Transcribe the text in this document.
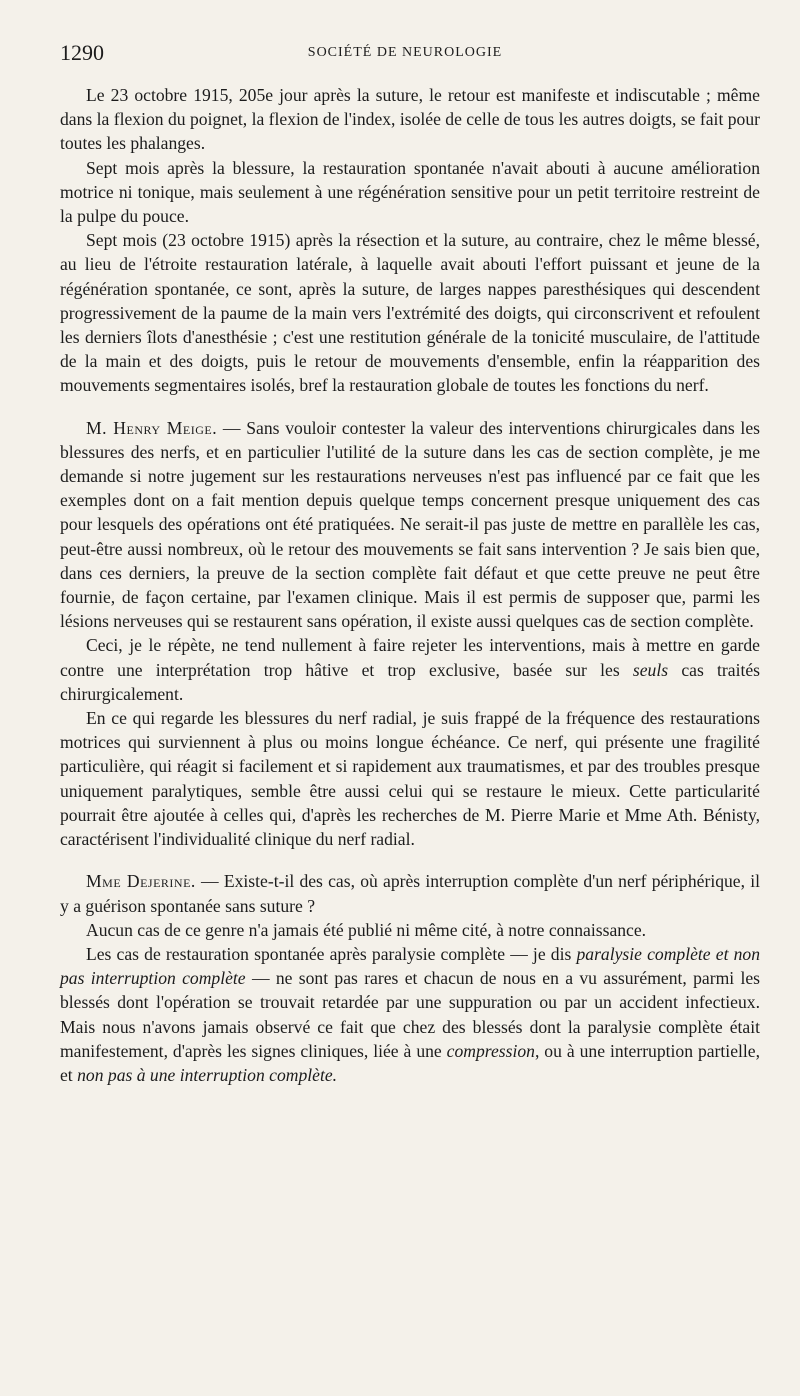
1290	SOCIÉTÉ DE NEUROLOGIE

Le 23 octobre 1915, 205e jour après la suture, le retour est manifeste et indiscutable ; même dans la flexion du poignet, la flexion de l'index, isolée de celle de tous les autres doigts, se fait pour toutes les phalanges.

Sept mois après la blessure, la restauration spontanée n'avait abouti à aucune amélioration motrice ni tonique, mais seulement à une régénération sensitive pour un petit territoire restreint de la pulpe du pouce.

Sept mois (23 octobre 1915) après la résection et la suture, au contraire, chez le même blessé, au lieu de l'étroite restauration latérale, à laquelle avait abouti l'effort puissant et jeune de la régénération spontanée, ce sont, après la suture, de larges nappes paresthésiques qui descendent progressivement de la paume de la main vers l'extrémité des doigts, qui circonscrivent et refoulent les derniers îlots d'anesthésie ; c'est une restitution générale de la tonicité musculaire, de l'attitude de la main et des doigts, puis le retour de mouvements d'ensemble, enfin la réapparition des mouvements segmentaires isolés, bref la restauration globale de toutes les fonctions du nerf.

M. Henry Meige. — Sans vouloir contester la valeur des interventions chirurgicales dans les blessures des nerfs, et en particulier l'utilité de la suture dans les cas de section complète, je me demande si notre jugement sur les restaurations nerveuses n'est pas influencé par ce fait que les exemples dont on a fait mention depuis quelque temps concernent presque uniquement des cas pour lesquels des opérations ont été pratiquées. Ne serait-il pas juste de mettre en parallèle les cas, peut-être aussi nombreux, où le retour des mouvements se fait sans intervention ? Je sais bien que, dans ces derniers, la preuve de la section complète fait défaut et que cette preuve ne peut être fournie, de façon certaine, par l'examen clinique. Mais il est permis de supposer que, parmi les lésions nerveuses qui se restaurent sans opération, il existe aussi quelques cas de section complète.

Ceci, je le répète, ne tend nullement à faire rejeter les interventions, mais à mettre en garde contre une interprétation trop hâtive et trop exclusive, basée sur les seuls cas traités chirurgicalement.

En ce qui regarde les blessures du nerf radial, je suis frappé de la fréquence des restaurations motrices qui surviennent à plus ou moins longue échéance. Ce nerf, qui présente une fragilité particulière, qui réagit si facilement et si rapidement aux traumatismes, et par des troubles presque uniquement paralytiques, semble être aussi celui qui se restaure le mieux. Cette particularité pourrait être ajoutée à celles qui, d'après les recherches de M. Pierre Marie et Mme Ath. Bénisty, caractérisent l'individualité clinique du nerf radial.

Mme Dejerine. — Existe-t-il des cas, où après interruption complète d'un nerf périphérique, il y a guérison spontanée sans suture ?

Aucun cas de ce genre n'a jamais été publié ni même cité, à notre connaissance.

Les cas de restauration spontanée après paralysie complète — je dis paralysie complète et non pas interruption complète — ne sont pas rares et chacun de nous en a vu assurément, parmi les blessés dont l'opération se trouvait retardée par une suppuration ou par un accident infectieux. Mais nous n'avons jamais observé ce fait que chez des blessés dont la paralysie complète était manifestement, d'après les signes cliniques, liée à une compression, ou à une interruption partielle, et non pas à une interruption complète.
